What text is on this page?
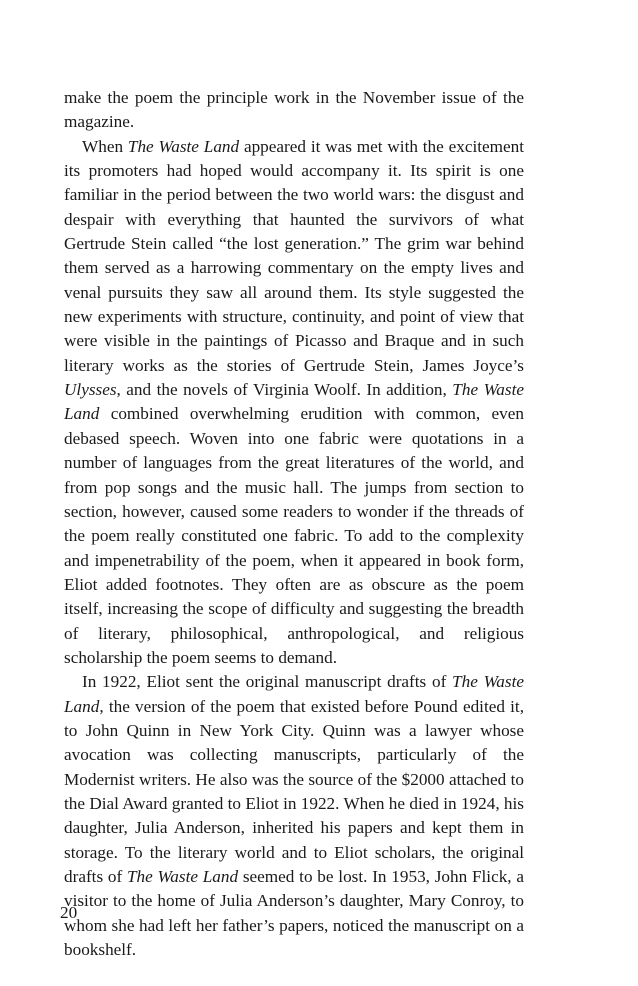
make the poem the principle work in the November issue of the magazine.

When The Waste Land appeared it was met with the excitement its promoters had hoped would accompany it. Its spirit is one familiar in the period between the two world wars: the disgust and despair with everything that haunted the survivors of what Gertrude Stein called “the lost generation.” The grim war behind them served as a harrowing commentary on the empty lives and venal pursuits they saw all around them. Its style suggested the new experiments with structure, continuity, and point of view that were visible in the paintings of Picasso and Braque and in such literary works as the stories of Gertrude Stein, James Joyce’s Ulysses, and the novels of Virginia Woolf. In addition, The Waste Land combined overwhelming erudition with common, even debased speech. Woven into one fabric were quotations in a number of languages from the great literatures of the world, and from pop songs and the music hall. The jumps from section to section, however, caused some readers to wonder if the threads of the poem really constituted one fabric. To add to the complexity and impenetrability of the poem, when it appeared in book form, Eliot added footnotes. They often are as obscure as the poem itself, increasing the scope of difficulty and suggesting the breadth of literary, philosophical, anthropological, and religious scholarship the poem seems to demand.

In 1922, Eliot sent the original manuscript drafts of The Waste Land, the version of the poem that existed before Pound edited it, to John Quinn in New York City. Quinn was a lawyer whose avocation was collecting manuscripts, particularly of the Modernist writers. He also was the source of the $2000 attached to the Dial Award granted to Eliot in 1922. When he died in 1924, his daughter, Julia Anderson, inherited his papers and kept them in storage. To the literary world and to Eliot scholars, the original drafts of The Waste Land seemed to be lost. In 1953, John Flick, a visitor to the home of Julia Anderson’s daughter, Mary Conroy, to whom she had left her father’s papers, noticed the manuscript on a bookshelf.

20
